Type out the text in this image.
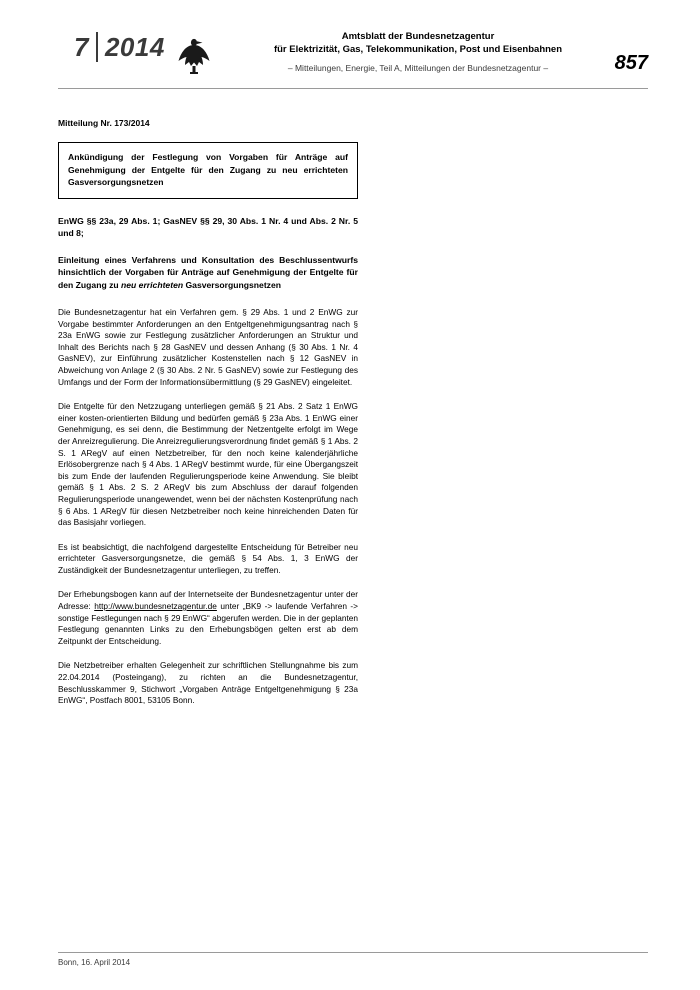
7 2014	Amtsblatt der Bundesnetzagentur
für Elektrizität, Gas, Telekommunikation, Post und Eisenbahnen
– Mitteilungen, Energie, Teil A, Mitteilungen der Bundesnetzagentur –	857
Mitteilung Nr. 173/2014
Ankündigung der Festlegung von Vorgaben für Anträge auf Genehmigung der Entgelte für den Zugang zu neu errichteten Gasversorgungsnetzen
EnWG §§ 23a, 29 Abs. 1; GasNEV §§ 29, 30 Abs. 1 Nr. 4 und Abs. 2 Nr. 5 und 8;
Einleitung eines Verfahrens und Konsultation des Beschlussentwurfs hinsichtlich der Vorgaben für Anträge auf Genehmigung der Entgelte für den Zugang zu neu errichteten Gasversorgungsnetzen

Die Bundesnetzagentur hat ein Verfahren gem. § 29 Abs. 1 und 2 EnWG zur Vorgabe bestimmter Anforderungen an den Entgeltgenehmigungsantrag nach § 23a EnWG sowie zur Festlegung zusätzlicher Anforderungen an Struktur und Inhalt des Berichts nach § 28 GasNEV und dessen Anhang (§ 30 Abs. 1 Nr. 4 GasNEV), zur Einführung zusätzlicher Kostenstellen nach § 12 GasNEV in Abweichung von Anlage 2 (§ 30 Abs. 2 Nr. 5 GasNEV) sowie zur Festlegung des Umfangs und der Form der Informationsübermittlung (§ 29 GasNEV) eingeleitet.

Die Entgelte für den Netzzugang unterliegen gemäß § 21 Abs. 2 Satz 1 EnWG einer kosten-orientierten Bildung und bedürfen gemäß § 23a Abs. 1 EnWG einer Genehmigung, es sei denn, die Bestimmung der Netzentgelte erfolgt im Wege der Anreizregulierung. Die Anreizregulierungsverordnung findet gemäß § 1 Abs. 2 S. 1 ARegV auf einen Netzbetreiber, für den noch keine kalenderjährliche Erlösobergrenze nach § 4 Abs. 1 ARegV bestimmt wurde, für eine Übergangszeit bis zum Ende der laufenden Regulierungsperiode keine Anwendung. Sie bleibt gemäß § 1 Abs. 2 S. 2 ARegV bis zum Abschluss der darauf folgenden Regulierungsperiode unangewendet, wenn bei der nächsten Kostenprüfung nach § 6 Abs. 1 ARegV für diesen Netzbetreiber noch keine hinreichenden Daten für das Basisjahr vorliegen.

Es ist beabsichtigt, die nachfolgend dargestellte Entscheidung für Betreiber neu errichteter Gasversorgungsnetze, die gemäß § 54 Abs. 1, 3 EnWG der Zuständigkeit der Bundesnetzagentur unterliegen, zu treffen.

Der Erhebungsbogen kann auf der Internetseite der Bundesnetzagentur unter der Adresse: http://www.bundesnetzagentur.de unter „BK9 -> laufende Verfahren -> sonstige Festlegungen nach § 29 EnWG“ abgerufen werden. Die in der geplanten Festlegung genannten Links zu den Erhebungsbögen gelten erst ab dem Zeitpunkt der Entscheidung.

Die Netzbetreiber erhalten Gelegenheit zur schriftlichen Stellungnahme bis zum 22.04.2014 (Posteingang), zu richten an die Bundesnetzagentur, Beschlusskammer 9, Stichwort „Vorgaben Anträge Entgeltgenehmigung § 23a EnWG“, Postfach 8001, 53105 Bonn.

Bonn, 16. April 2014
